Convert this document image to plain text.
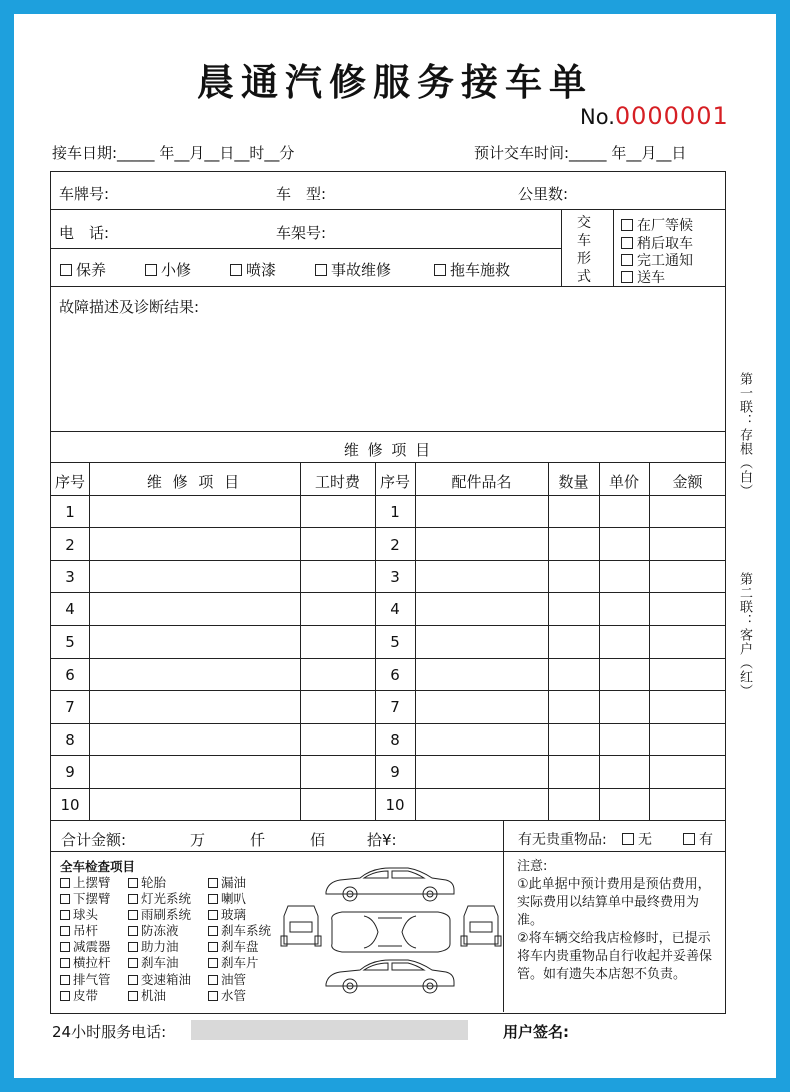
晨通汽修服务接车单
No.0000001
接车日期:_____ 年__月__日__时__分	预计交车时间:_____ 年__月__日
车牌号:	车　型:	公里数:
电　话:	车架号:
保养	小修	喷漆	事故维修	拖车施救
交
车
形
式
在厂等候
稍后取车
完工通知
送车
故障描述及诊断结果:
维 修 项 目
序号	维 修 项 目	工时费	序号	配件品名	数量	单价	金额
1	1
2	2
3	3
4	4
5	5
6	6
7	7
8	8
9	9
10	10
合计金额:	万	仟	佰	拾¥:	有无贵重物品:	无	有
全车检查项目
上摆臂
下摆臂
球头
吊杆
减震器
横拉杆
排气管
皮带
轮胎
灯光系统
雨刷系统
防冻液
助力油
刹车油
变速箱油
机油
漏油
喇叭
玻璃
刹车系统
刹车盘
刹车片
油管
水管

注意:

①此单据中预计费用是预估费用，实际费用以结算单中最终费用为准。

②将车辆交给我店检修时，已提示将车内贵重物品自行收起并妥善保管。如有遗失本店恕不负责。

24小时服务电话:	用户签名:
第一联：存根（白）
第二联：客户（红）
